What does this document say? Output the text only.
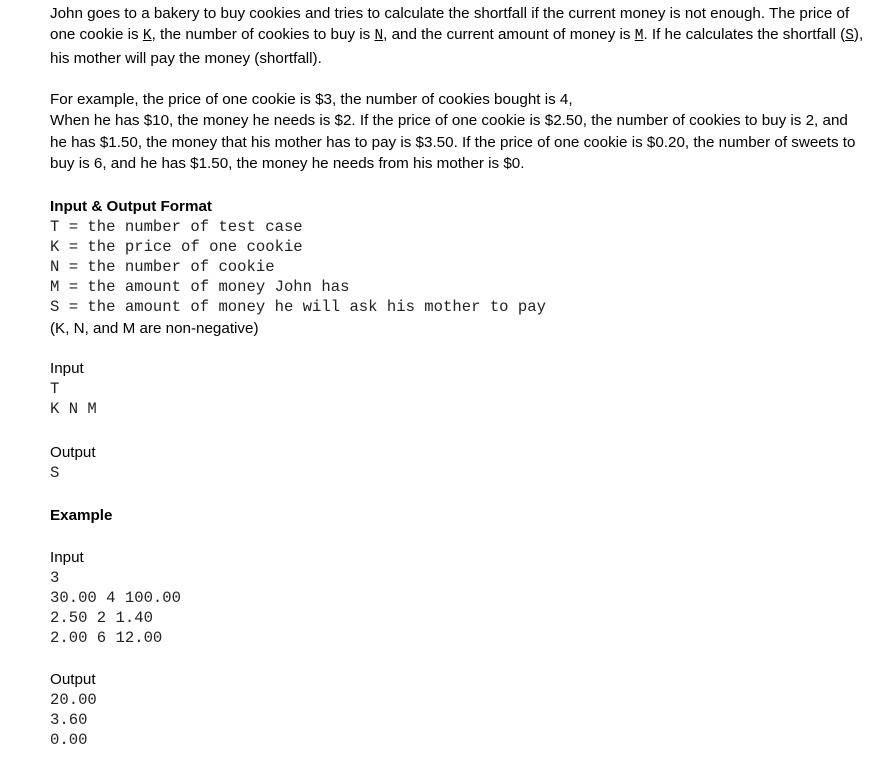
John goes to a bakery to buy cookies and tries to calculate the shortfall if the current money is not enough. The price of one cookie is K, the number of cookies to buy is N, and the current amount of money is M. If he calculates the shortfall (S), his mother will pay the money (shortfall).

For example, the price of one cookie is $3, the number of cookies bought is 4,
When he has $10, the money he needs is $2. If the price of one cookie is $2.50, the number of cookies to buy is 2, and he has $1.50, the money that his mother has to pay is $3.50. If the price of one cookie is $0.20, the number of sweets to buy is 6, and he has $1.50, the money he needs from his mother is $0.

Input & Output Format

T = the number of test case
K = the price of one cookie
N = the number of cookie
M = the amount of money John has
S = the amount of money he will ask his mother to pay

(K, N, and M are non-negative)

Input

T
K N M

Output

S

Example

Input

3
30.00 4 100.00
2.50 2 1.40
2.00 6 12.00

Output

20.00
3.60
0.00
